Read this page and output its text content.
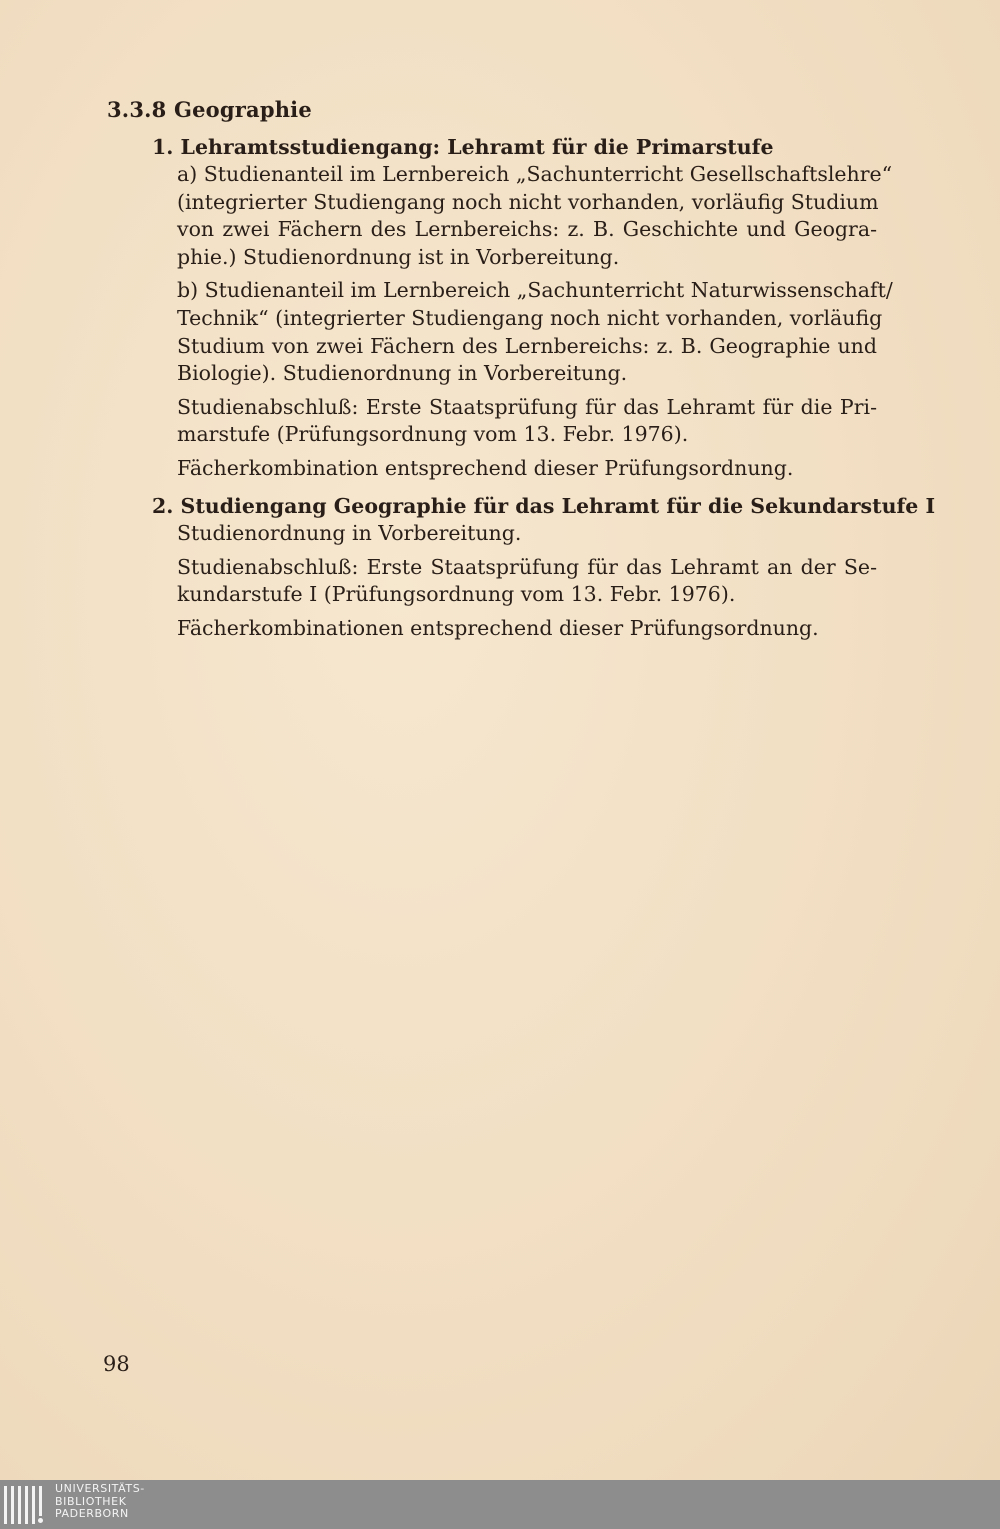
3.3.8 Geographie
1. Lehramtsstudiengang: Lehramt für die Primarstufe

a) Studienanteil im Lernbereich „Sachunterricht Gesellschaftslehre“
(integrierter Studiengang noch nicht vorhanden, vorläufig Studium
von zwei Fächern des Lernbereichs: z. B. Geschichte und Geogra-
phie.) Studienordnung ist in Vorbereitung.

b) Studienanteil im Lernbereich „Sachunterricht Naturwissenschaft/
Technik“ (integrierter Studiengang noch nicht vorhanden, vorläufig
Studium von zwei Fächern des Lernbereichs: z. B. Geographie und
Biologie). Studienordnung in Vorbereitung.

Studienabschluß: Erste Staatsprüfung für das Lehramt für die Pri-
marstufe (Prüfungsordnung vom 13. Febr. 1976).

Fächerkombination entsprechend dieser Prüfungsordnung.

2. Studiengang Geographie für das Lehramt für die Sekundarstufe I

Studienordnung in Vorbereitung.

Studienabschluß: Erste Staatsprüfung für das Lehramt an der Se-
kundarstufe I (Prüfungsordnung vom 13. Febr. 1976).

Fächerkombinationen entsprechend dieser Prüfungsordnung.

98
UNIVERSITÄTS-
BIBLIOTHEK
PADERBORN
